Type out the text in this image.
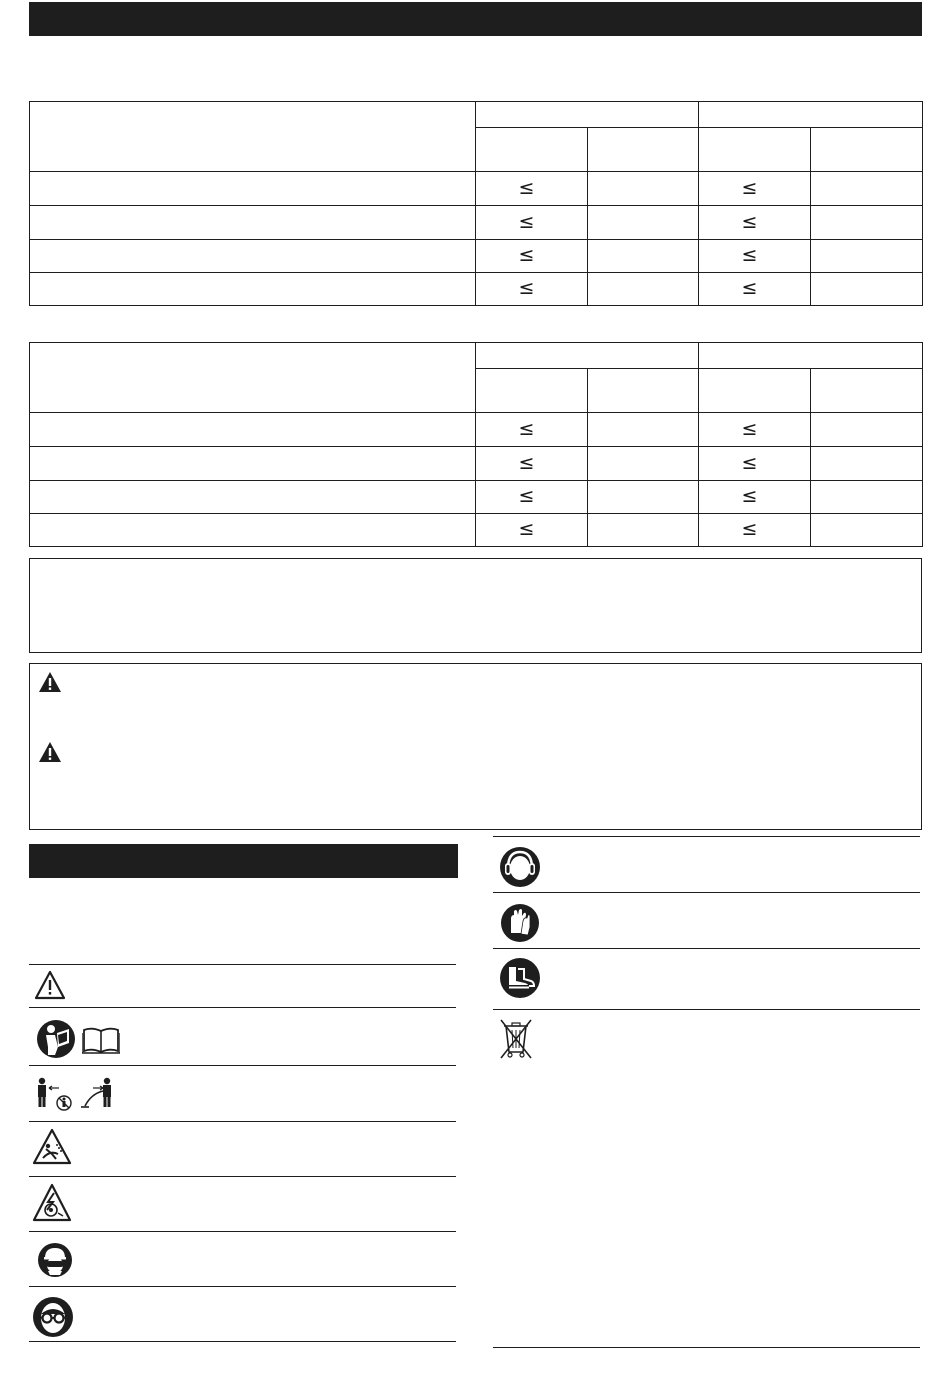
	≤		≤	
	≤		≤	
	≤		≤	
	≤		≤	

	≤		≤	
	≤		≤	
	≤		≤	
	≤		≤	
